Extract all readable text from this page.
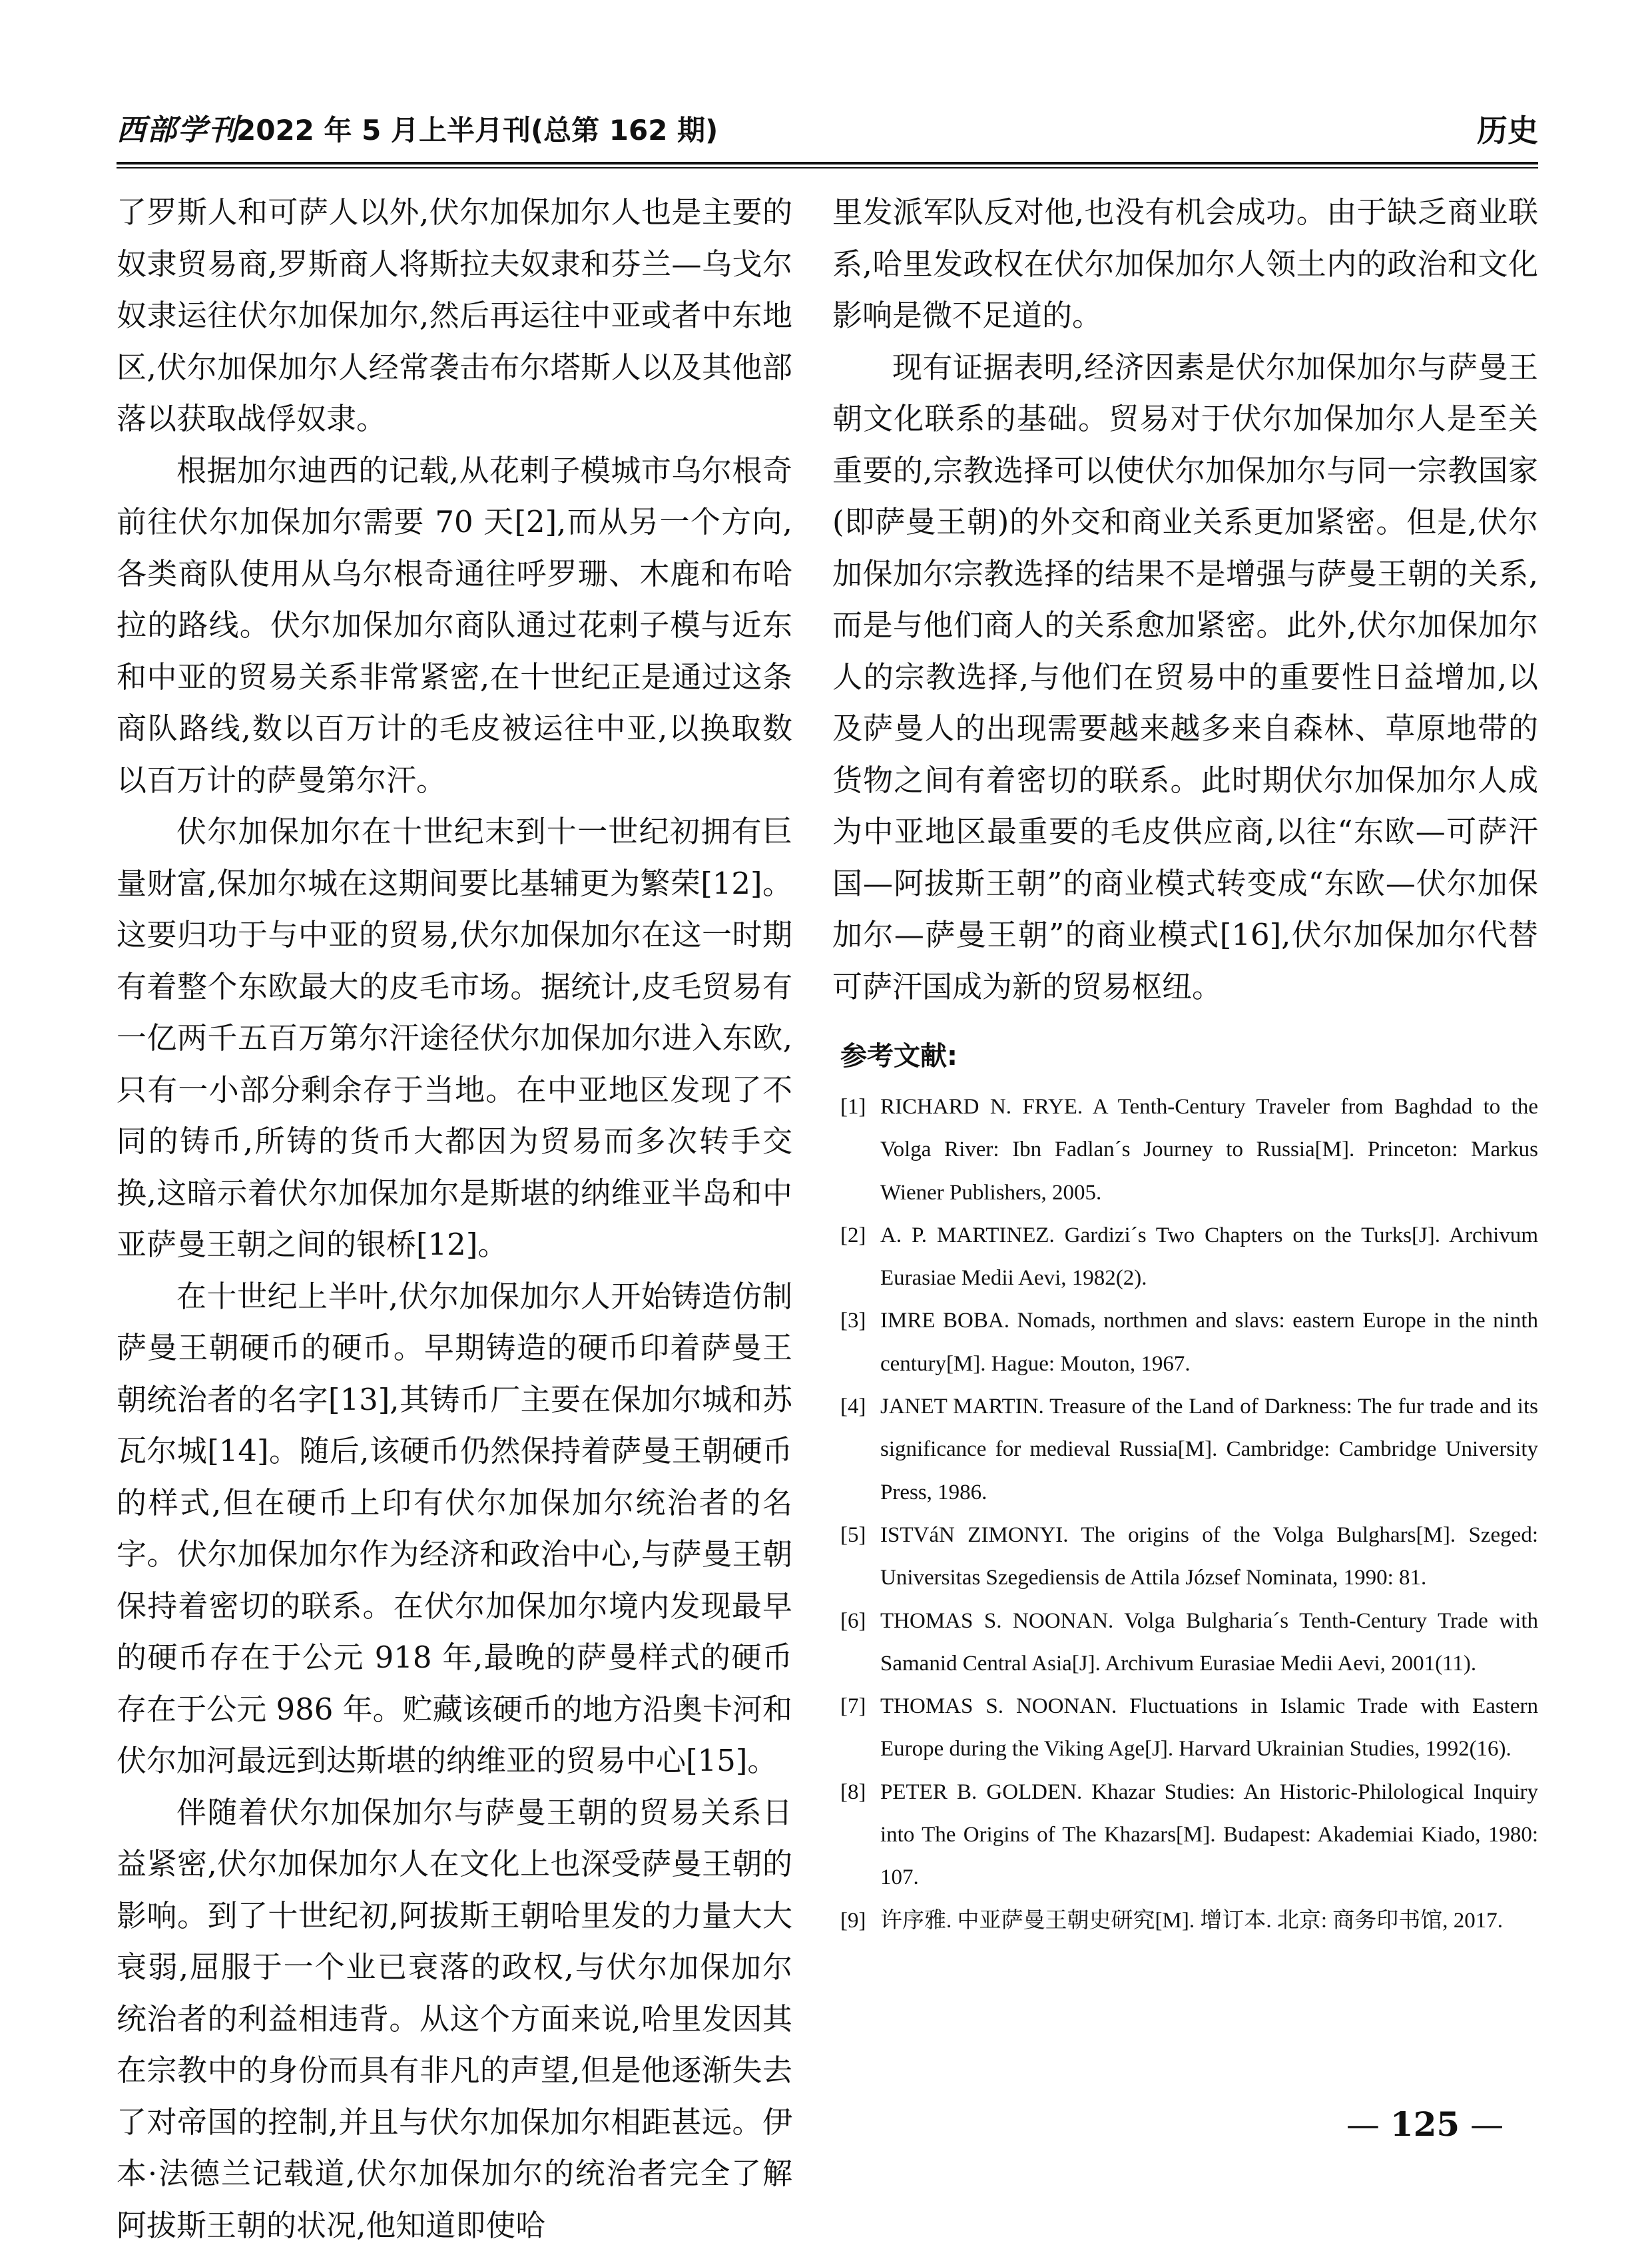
西部学刊
2022 年 5 月上半月刊(总第 162 期)	历史

了罗斯人和可萨人以外,伏尔加保加尔人也是主要的奴隶贸易商,罗斯商人将斯拉夫奴隶和芬兰—乌戈尔奴隶运往伏尔加保加尔,然后再运往中亚或者中东地区,伏尔加保加尔人经常袭击布尔塔斯人以及其他部落以获取战俘奴隶。

根据加尔迪西的记载,从花剌子模城市乌尔根奇前往伏尔加保加尔需要 70 天[2],而从另一个方向,各类商队使用从乌尔根奇通往呼罗珊、木鹿和布哈拉的路线。伏尔加保加尔商队通过花剌子模与近东和中亚的贸易关系非常紧密,在十世纪正是通过这条商队路线,数以百万计的毛皮被运往中亚,以换取数以百万计的萨曼第尔汗。

伏尔加保加尔在十世纪末到十一世纪初拥有巨量财富,保加尔城在这期间要比基辅更为繁荣[12]。这要归功于与中亚的贸易,伏尔加保加尔在这一时期有着整个东欧最大的皮毛市场。据统计,皮毛贸易有一亿两千五百万第尔汗途径伏尔加保加尔进入东欧,只有一小部分剩余存于当地。在中亚地区发现了不同的铸币,所铸的货币大都因为贸易而多次转手交换,这暗示着伏尔加保加尔是斯堪的纳维亚半岛和中亚萨曼王朝之间的银桥[12]。

在十世纪上半叶,伏尔加保加尔人开始铸造仿制萨曼王朝硬币的硬币。早期铸造的硬币印着萨曼王朝统治者的名字[13],其铸币厂主要在保加尔城和苏瓦尔城[14]。随后,该硬币仍然保持着萨曼王朝硬币的样式,但在硬币上印有伏尔加保加尔统治者的名字。伏尔加保加尔作为经济和政治中心,与萨曼王朝保持着密切的联系。在伏尔加保加尔境内发现最早的硬币存在于公元 918 年,最晚的萨曼样式的硬币存在于公元 986 年。贮藏该硬币的地方沿奥卡河和伏尔加河最远到达斯堪的纳维亚的贸易中心[15]。

伴随着伏尔加保加尔与萨曼王朝的贸易关系日益紧密,伏尔加保加尔人在文化上也深受萨曼王朝的影响。到了十世纪初,阿拔斯王朝哈里发的力量大大衰弱,屈服于一个业已衰落的政权,与伏尔加保加尔统治者的利益相违背。从这个方面来说,哈里发因其在宗教中的身份而具有非凡的声望,但是他逐渐失去了对帝国的控制,并且与伏尔加保加尔相距甚远。伊本·法德兰记载道,伏尔加保加尔的统治者完全了解阿拔斯王朝的状况,他知道即使哈

里发派军队反对他,也没有机会成功。由于缺乏商业联系,哈里发政权在伏尔加保加尔人领土内的政治和文化影响是微不足道的。

现有证据表明,经济因素是伏尔加保加尔与萨曼王朝文化联系的基础。贸易对于伏尔加保加尔人是至关重要的,宗教选择可以使伏尔加保加尔与同一宗教国家(即萨曼王朝)的外交和商业关系更加紧密。但是,伏尔加保加尔宗教选择的结果不是增强与萨曼王朝的关系,而是与他们商人的关系愈加紧密。此外,伏尔加保加尔人的宗教选择,与他们在贸易中的重要性日益增加,以及萨曼人的出现需要越来越多来自森林、草原地带的货物之间有着密切的联系。此时期伏尔加保加尔人成为中亚地区最重要的毛皮供应商,以往“东欧—可萨汗国—阿拔斯王朝”的商业模式转变成“东欧—伏尔加保加尔—萨曼王朝”的商业模式[16],伏尔加保加尔代替可萨汗国成为新的贸易枢纽。

参考文献:
[1] RICHARD N. FRYE. A Tenth-Century Traveler from Baghdad to the Volga River: Ibn Fadlan´s Journey to Russia[M]. Princeton: Markus Wiener Publishers, 2005.
[2] A. P. MARTINEZ. Gardizi´s Two Chapters on the Turks[J]. Archivum Eurasiae Medii Aevi, 1982(2).
[3] IMRE BOBA. Nomads, northmen and slavs: eastern Europe in the ninth century[M]. Hague: Mouton, 1967.
[4] JANET MARTIN. Treasure of the Land of Darkness: The fur trade and its significance for medieval Russia[M]. Cambridge: Cambridge University Press, 1986.
[5] ISTVáN ZIMONYI. The origins of the Volga Bulghars[M]. Szeged: Universitas Szegediensis de Attila József Nominata, 1990: 81.
[6] THOMAS S. NOONAN. Volga Bulgharia´s Tenth-Century Trade with Samanid Central Asia[J]. Archivum Eurasiae Medii Aevi, 2001(11).
[7] THOMAS S. NOONAN. Fluctuations in Islamic Trade with Eastern Europe during the Viking Age[J]. Harvard Ukrainian Studies, 1992(16).
[8] PETER B. GOLDEN. Khazar Studies: An Historic-Philological Inquiry into The Origins of The Khazars[M]. Budapest: Akademiai Kiado, 1980: 107.
[9] 许序雅. 中亚萨曼王朝史研究[M]. 增订本. 北京: 商务印书馆, 2017.
— 125 —
